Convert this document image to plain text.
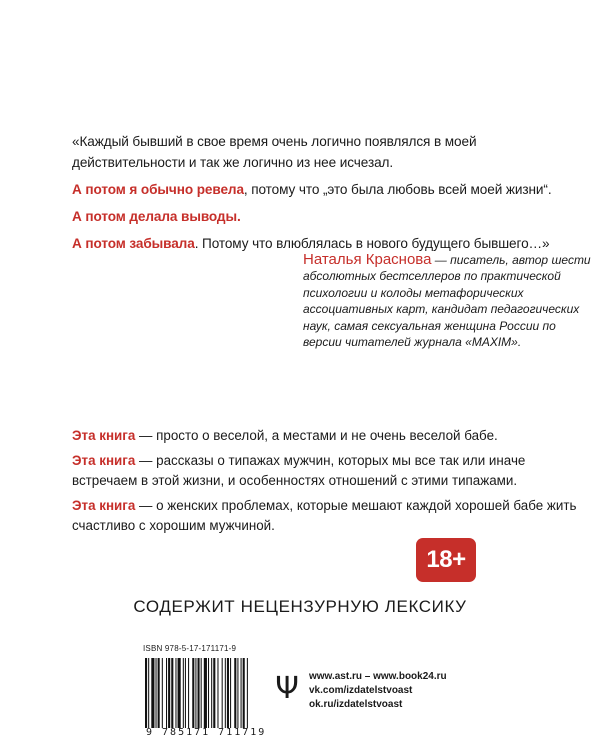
«Каждый бывший в свое время очень логично появлялся в моей действительности и так же логично из нее исчезал.

А потом я обычно ревела, потому что „это была любовь всей моей жизни“.

А потом делала выводы.

А потом забывала. Потому что влюблялась в нового будущего бывшего…»

Наталья Краснова — писатель, автор шести абсолютных бестселлеров по практической психологии и колоды метафорических ассоциативных карт, кандидат педагогических наук, самая сексуальная женщина России по версии читателей журнала «MAXIM».

Эта книга — просто о веселой, а местами и не очень веселой бабе.

Эта книга — рассказы о типажах мужчин, которых мы все так или иначе встречаем в этой жизни, и особенностях отношений с этими типажами.

Эта книга — о женских проблемах, которые мешают каждой хорошей бабе жить счастливо с хорошим мужчиной.

18+
СОДЕРЖИТ НЕЦЕНЗУРНУЮ ЛЕКСИКУ
ISBN 978-5-17-171171-9
9 785171 711719
Ψ www.ast.ru – www.book24.ru
vk.com/izdatelstvoast
ok.ru/izdatelstvoast
